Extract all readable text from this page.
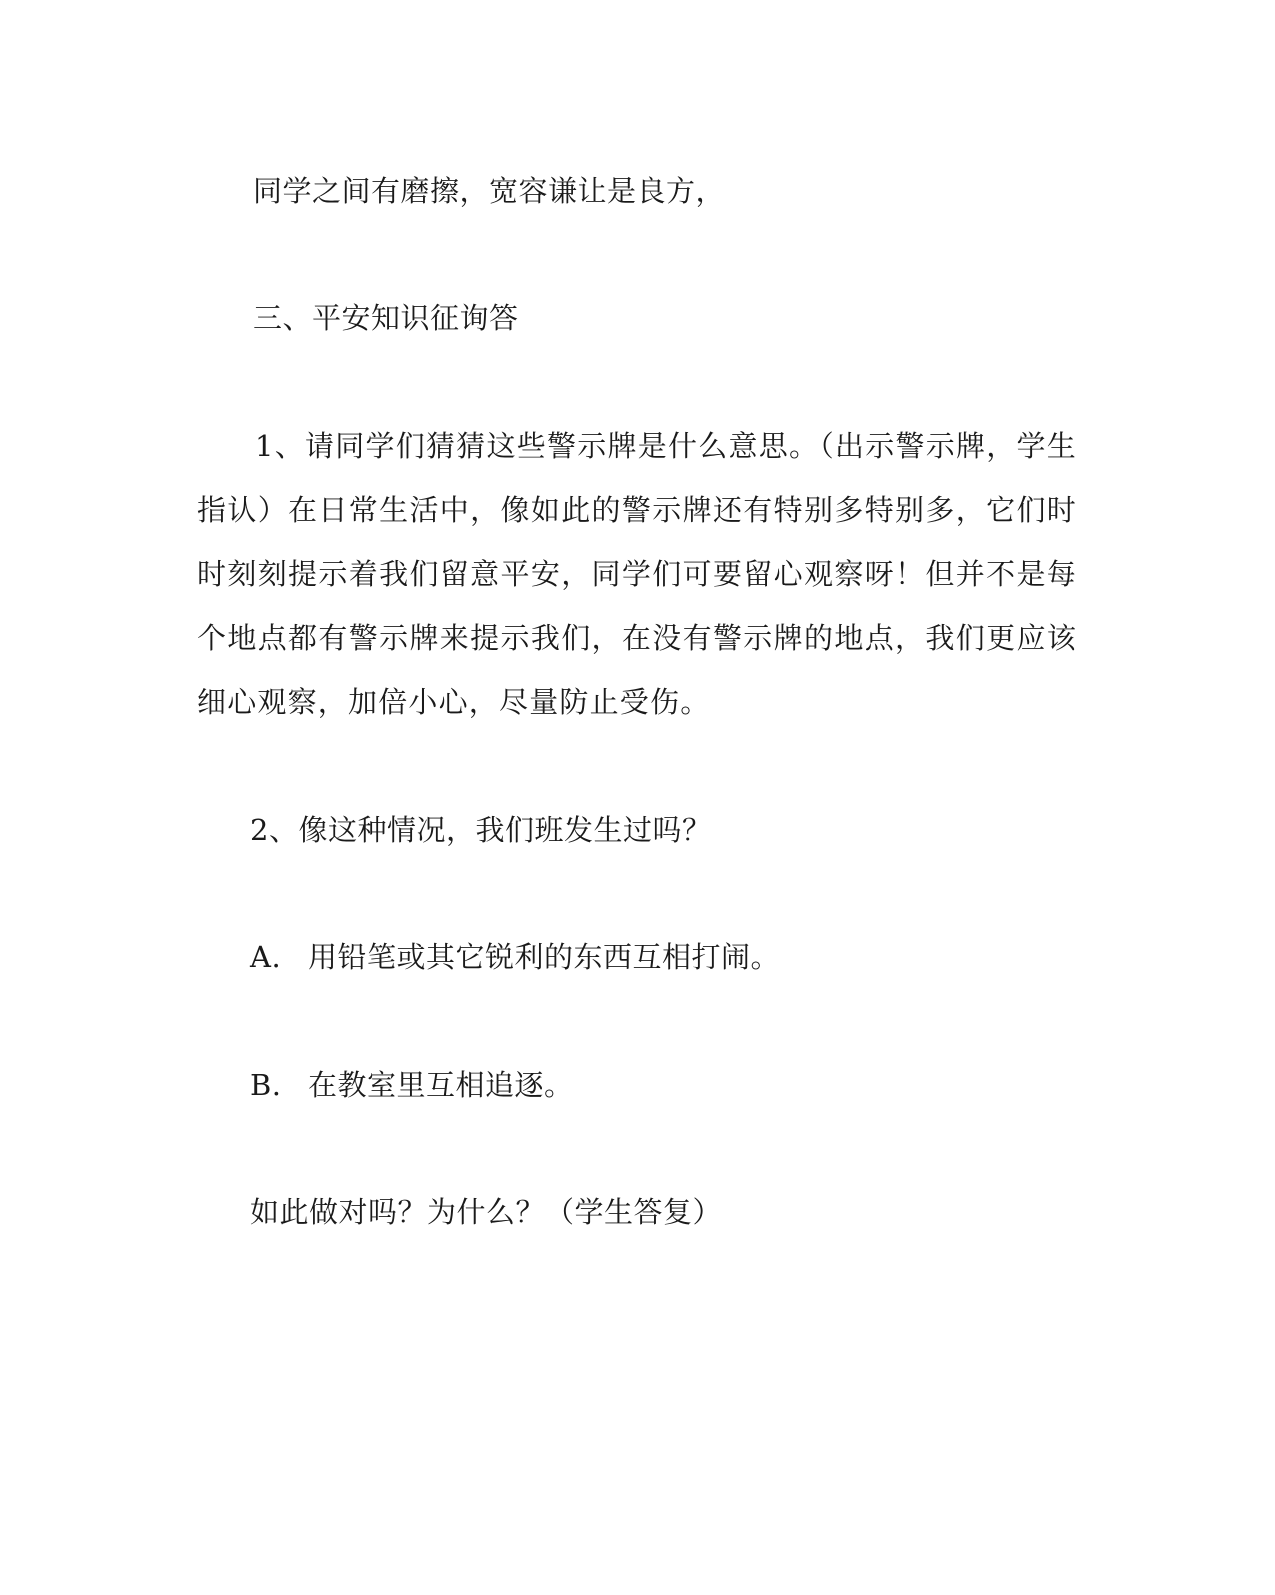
同学之间有磨擦，宽容谦让是良方，
三、平安知识征询答
1、请同学们猜猜这些警示牌是什么意思。（出示警示牌，学生指认）在日常生活中，像如此的警示牌还有特别多特别多，它们时时刻刻提示着我们留意平安，同学们可要留心观察呀！但并不是每个地点都有警示牌来提示我们，在没有警示牌的地点，我们更应该细心观察，加倍小心，尽量防止受伤。
2、像这种情况，我们班发生过吗？
A. 用铅笔或其它锐利的东西互相打闹。
B. 在教室里互相追逐。
如此做对吗？为什么？（学生答复）
